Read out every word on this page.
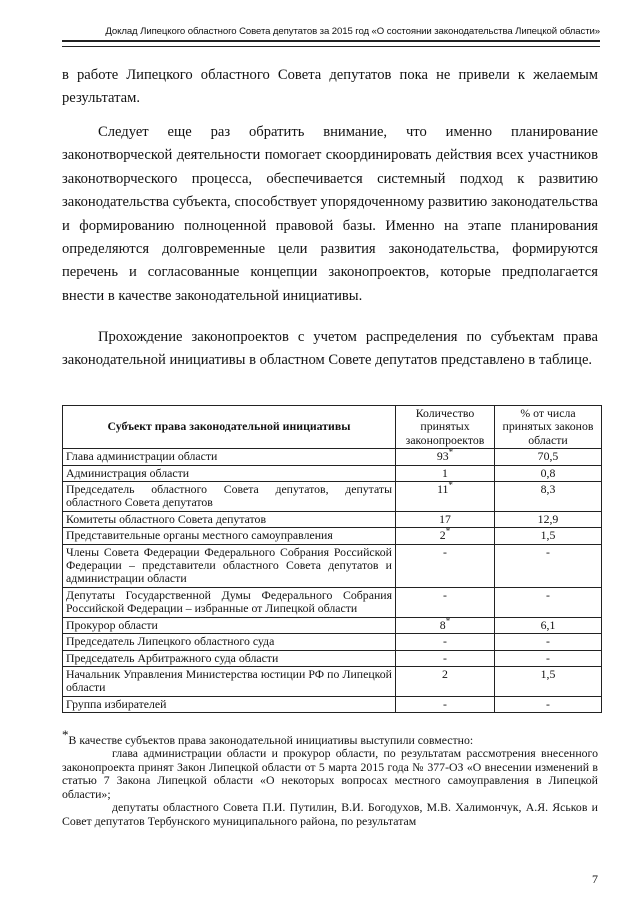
Доклад Липецкого областного Совета депутатов за 2015 год «О состоянии законодательства Липецкой области»

в работе Липецкого областного Совета депутатов пока не привели к желаемым результатам.

Следует еще раз обратить внимание, что именно планирование законотворческой деятельности помогает скоординировать действия всех участников законотворческого процесса, обеспечивается системный подход к развитию законодательства субъекта, способствует упорядоченному развитию законодательства и формированию полноценной правовой базы. Именно на этапе планирования определяются долговременные цели развития законодательства, формируются перечень и согласованные концепции законопроектов, которые предполагается внести в качестве законодательной инициативы.

Прохождение законопроектов с учетом распределения по субъектам права законодательной инициативы в областном Совете депутатов представлено в таблице.

Субъект права законодательной инициативы	Количество принятых законопроектов	% от числа принятых законов области
Глава администрации области	93*	70,5
Администрация области	1	0,8
Председатель областного Совета депутатов, депутаты областного Совета депутатов	11*	8,3
Комитеты областного Совета депутатов	17	12,9
Представительные органы местного самоуправления	2*	1,5
Члены Совета Федерации Федерального Собрания Российской Федерации – представители областного Совета депутатов и администрации области	-	-
Депутаты Государственной Думы Федерального Собрания Российской Федерации – избранные от Липецкой области	-	-
Прокурор области	8*	6,1
Председатель Липецкого областного суда	-	-
Председатель Арбитражного суда области	-	-
Начальник Управления Министерства юстиции РФ по Липецкой области	2	1,5
Группа избирателей	-	-

*В качестве субъектов права законодательной инициативы выступили совместно:

глава администрации области и прокурор области, по результатам рассмотрения внесенного законопроекта принят Закон Липецкой области от 5 марта 2015 года № 377-ОЗ «О внесении изменений в статью 7 Закона Липецкой области «О некоторых вопросах местного самоуправления в Липецкой области»;

депутаты областного Совета П.И. Путилин, В.И. Богодухов, М.В. Халимончук, А.Я. Яськов и Совет депутатов Тербунского муниципального района, по результатам

7
